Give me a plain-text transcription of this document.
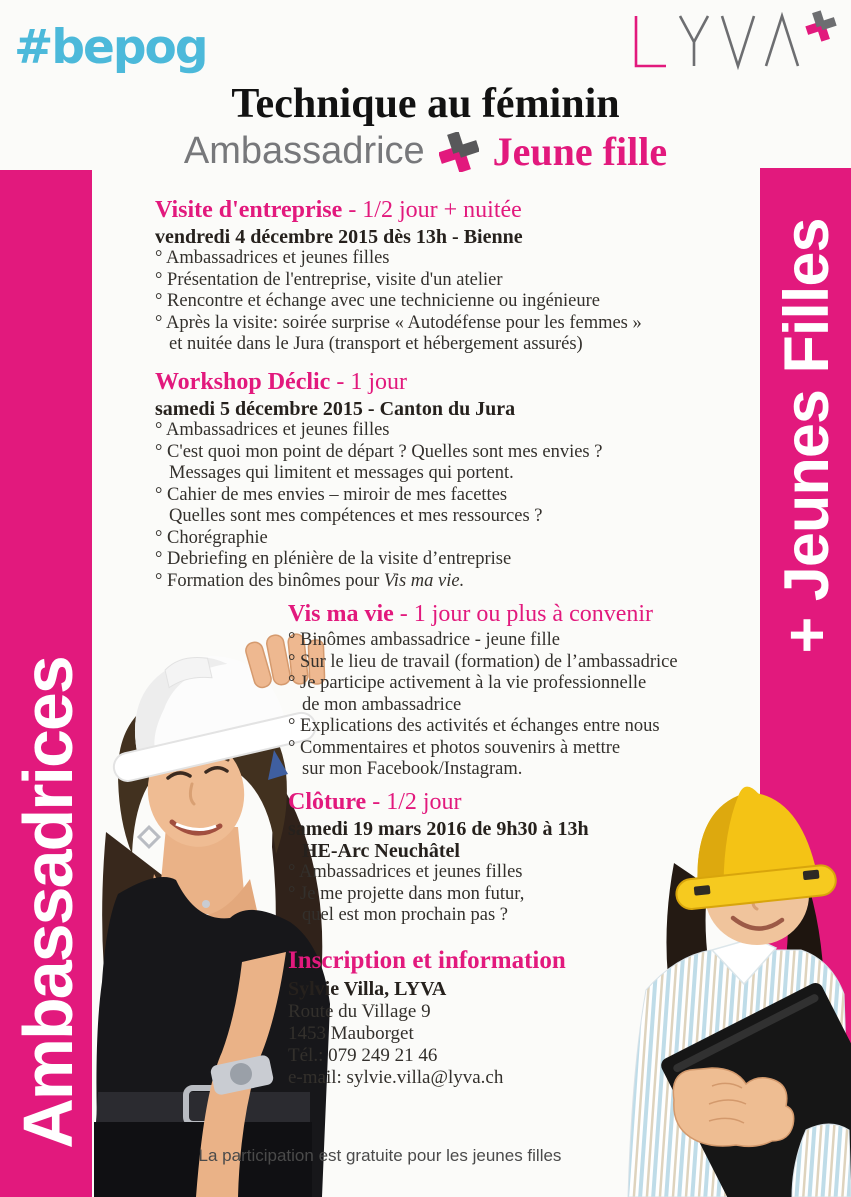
#bepog
Technique au féminin
Ambassadrice Jeune fille
Ambassadrices
+ Jeunes Filles
Visite d'entreprise - 1/2 jour + nuitée
vendredi 4 décembre 2015 dès 13h - Bienne
° Ambassadrices et jeunes filles
° Présentation de l'entreprise, visite d'un atelier
° Rencontre et échange avec une technicienne ou ingénieure
° Après la visite: soirée surprise « Autodéfense pour les femmes »
et nuitée dans le Jura (transport et hébergement assurés)
Workshop Déclic - 1 jour
samedi 5 décembre 2015 - Canton du Jura
° Ambassadrices et jeunes filles
° C'est quoi mon point de départ ? Quelles sont mes envies ?
Messages qui limitent et messages qui portent.
° Cahier de mes envies – miroir de mes facettes
Quelles sont mes compétences et mes ressources ?
° Chorégraphie
° Debriefing en plénière de la visite d’entreprise
° Formation des binômes pour Vis ma vie.
Vis ma vie - 1 jour ou plus à convenir
° Binômes ambassadrice - jeune fille
° Sur le lieu de travail (formation) de l’ambassadrice
° Je participe activement à la vie professionnelle
de mon ambassadrice
° Explications des activités et échanges entre nous
° Commentaires et photos souvenirs à mettre
sur mon Facebook/Instagram.
Clôture - 1/2 jour
samedi 19 mars 2016 de 9h30 à 13h
HE-Arc Neuchâtel
° Ambassadrices et jeunes filles
° Je me projette dans mon futur,
quel est mon prochain pas ?
Inscription et information
Sylvie Villa, LYVA
Route du Village 9
1453 Mauborget
Tél.: 079 249 21 46
e-mail: sylvie.villa@lyva.ch
La participation est gratuite pour les jeunes filles
